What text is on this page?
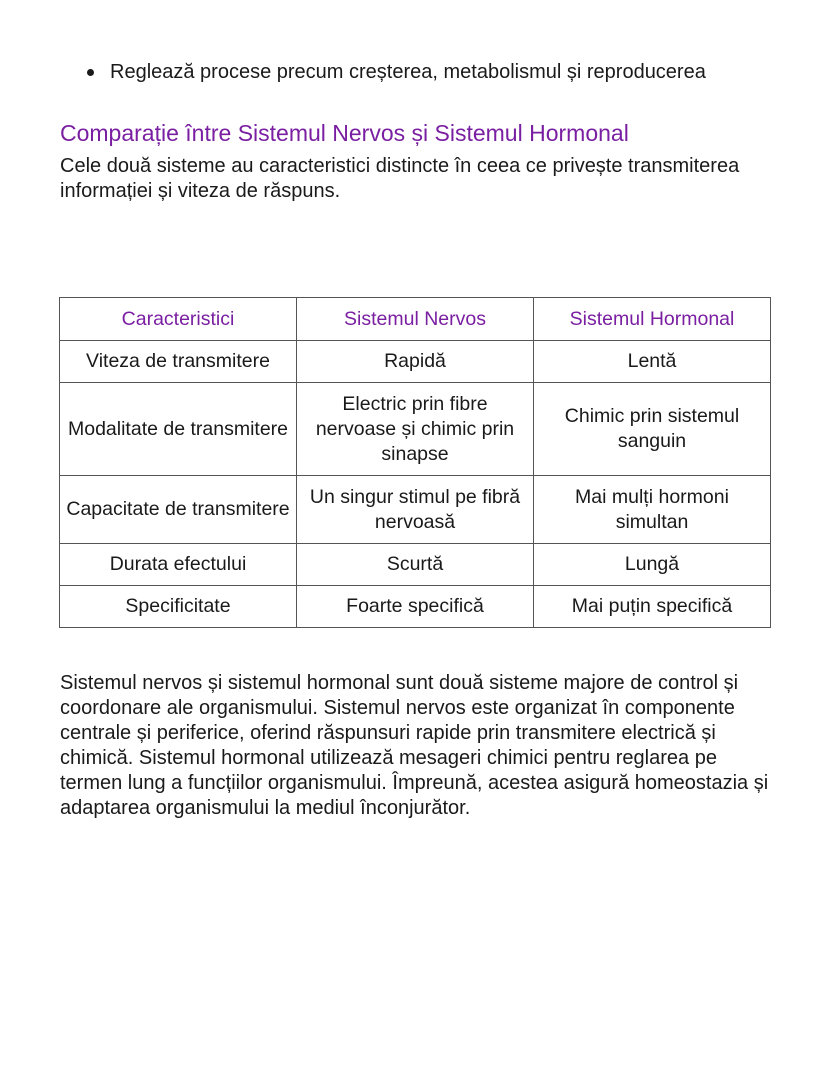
Reglează procese precum creșterea, metabolismul și reproducerea
Comparație între Sistemul Nervos și Sistemul Hormonal

Cele două sisteme au caracteristici distincte în ceea ce privește transmiterea informației și viteza de răspuns.

Caracteristici	Sistemul Nervos	Sistemul Hormonal
Viteza de transmitere	Rapidă	Lentă
Modalitate de transmitere	Electric prin fibre nervoase și chimic prin sinapse	Chimic prin sistemul sanguin
Capacitate de transmitere	Un singur stimul pe fibră nervoasă	Mai mulți hormoni simultan
Durata efectului	Scurtă	Lungă
Specificitate	Foarte specifică	Mai puțin specifică

Sistemul nervos și sistemul hormonal sunt două sisteme majore de control și coordonare ale organismului. Sistemul nervos este organizat în componente centrale și periferice, oferind răspunsuri rapide prin transmitere electrică și chimică. Sistemul hormonal utilizează mesageri chimici pentru reglarea pe termen lung a funcțiilor organismului. Împreună, acestea asigură homeostazia și adaptarea organismului la mediul înconjurător.
